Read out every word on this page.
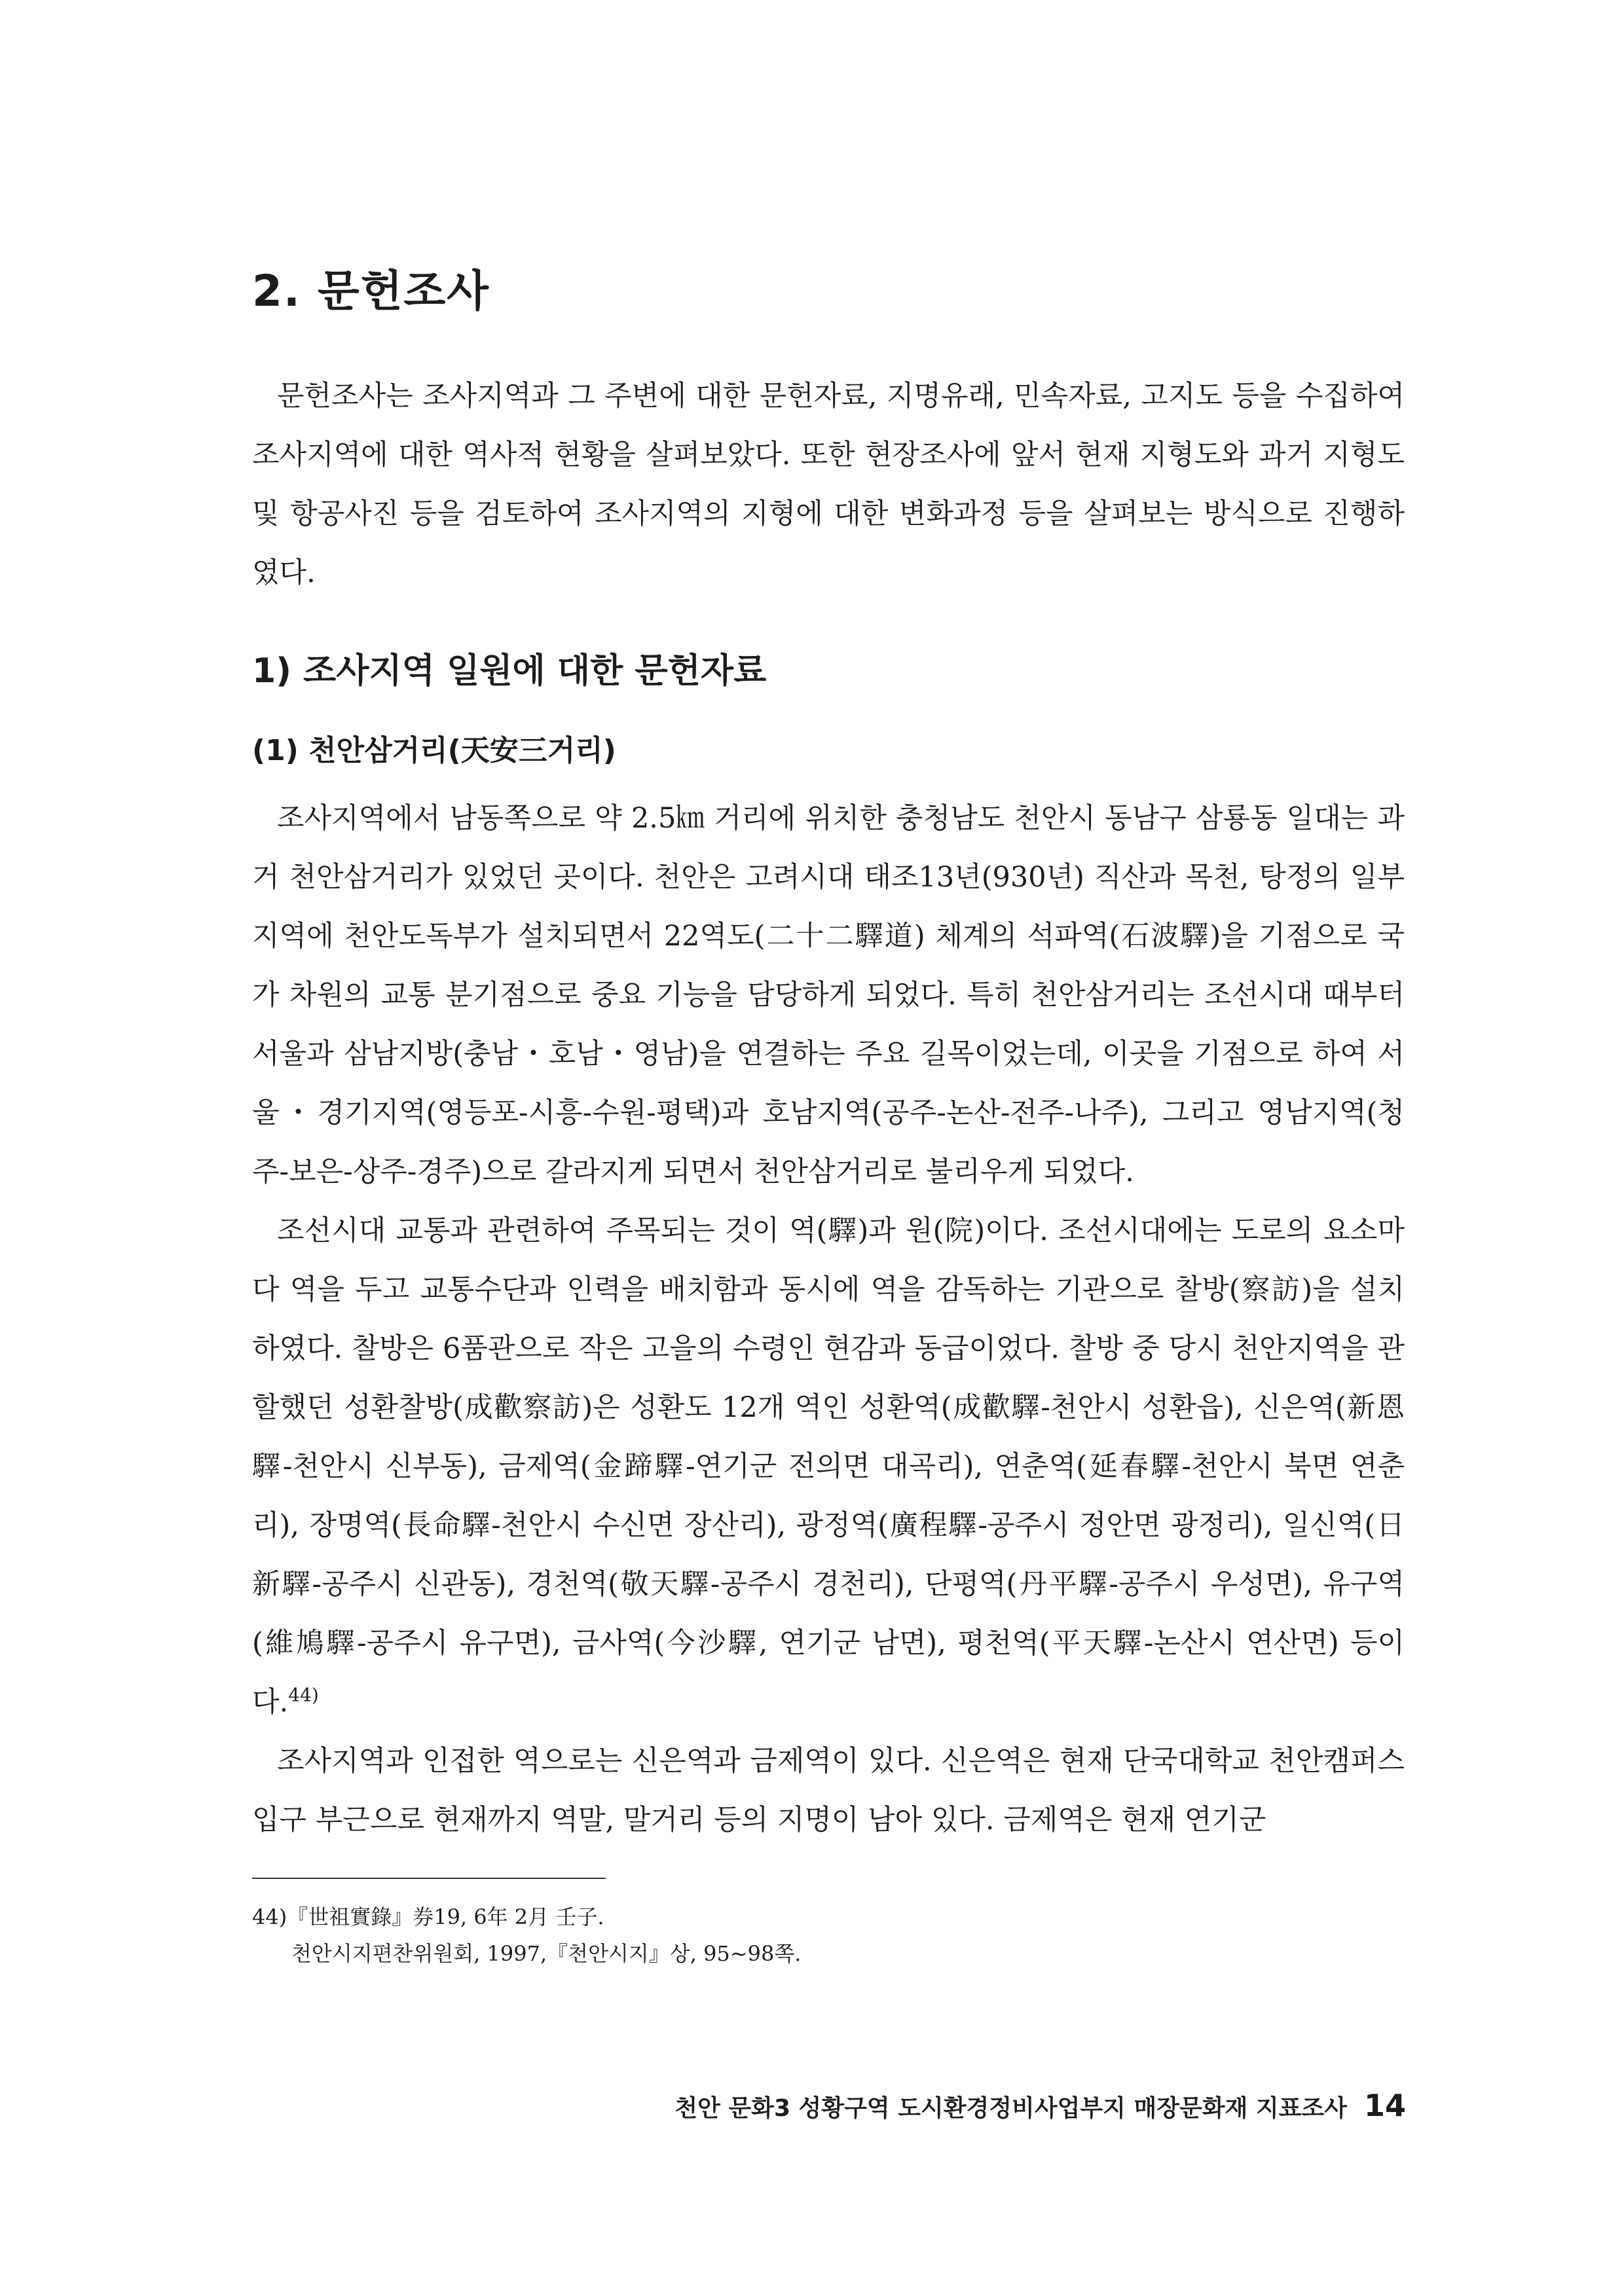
2. 문헌조사

문헌조사는 조사지역과 그 주변에 대한 문헌자료, 지명유래, 민속자료, 고지도 등을 수집하여 조사지역에 대한 역사적 현황을 살펴보았다. 또한 현장조사에 앞서 현재 지형도와 과거 지형도 및 항공사진 등을 검토하여 조사지역의 지형에 대한 변화과정 등을 살펴보는 방식으로 진행하였다.

1) 조사지역 일원에 대한 문헌자료
(1) 천안삼거리(天安三거리)

조사지역에서 남동쪽으로 약 2.5㎞ 거리에 위치한 충청남도 천안시 동남구 삼룡동 일대는 과거 천안삼거리가 있었던 곳이다. 천안은 고려시대 태조13년(930년) 직산과 목천, 탕정의 일부 지역에 천안도독부가 설치되면서 22역도(二十二驛道) 체계의 석파역(石波驛)을 기점으로 국가 차원의 교통 분기점으로 중요 기능을 담당하게 되었다. 특히 천안삼거리는 조선시대 때부터 서울과 삼남지방(충남・호남・영남)을 연결하는 주요 길목이었는데, 이곳을 기점으로 하여 서울・경기지역(영등포-시흥-수원-평택)과 호남지역(공주-논산-전주-나주), 그리고 영남지역(청주-보은-상주-경주)으로 갈라지게 되면서 천안삼거리로 불리우게 되었다.

조선시대 교통과 관련하여 주목되는 것이 역(驛)과 원(院)이다. 조선시대에는 도로의 요소마다 역을 두고 교통수단과 인력을 배치함과 동시에 역을 감독하는 기관으로 찰방(察訪)을 설치하였다. 찰방은 6품관으로 작은 고을의 수령인 현감과 동급이었다. 찰방 중 당시 천안지역을 관할했던 성환찰방(成歡察訪)은 성환도 12개 역인 성환역(成歡驛-천안시 성환읍), 신은역(新恩驛-천안시 신부동), 금제역(金蹄驛-연기군 전의면 대곡리), 연춘역(延春驛-천안시 북면 연춘리), 장명역(長命驛-천안시 수신면 장산리), 광정역(廣程驛-공주시 정안면 광정리), 일신역(日新驛-공주시 신관동), 경천역(敬天驛-공주시 경천리), 단평역(丹平驛-공주시 우성면), 유구역(維鳩驛-공주시 유구면), 금사역(今沙驛, 연기군 남면), 평천역(平天驛-논산시 연산면) 등이다.$^{44)}$

조사지역과 인접한 역으로는 신은역과 금제역이 있다. 신은역은 현재 단국대학교 천안캠퍼스 입구 부근으로 현재까지 역말, 말거리 등의 지명이 남아 있다. 금제역은 현재 연기군

44)『世祖實錄』券19, 6年 2月 壬子.
천안시지편찬위원회, 1997,『천안시지』상, 95~98쪽.

천안 문화3 성황구역 도시환경정비사업부지 매장문화재 지표조사 14
